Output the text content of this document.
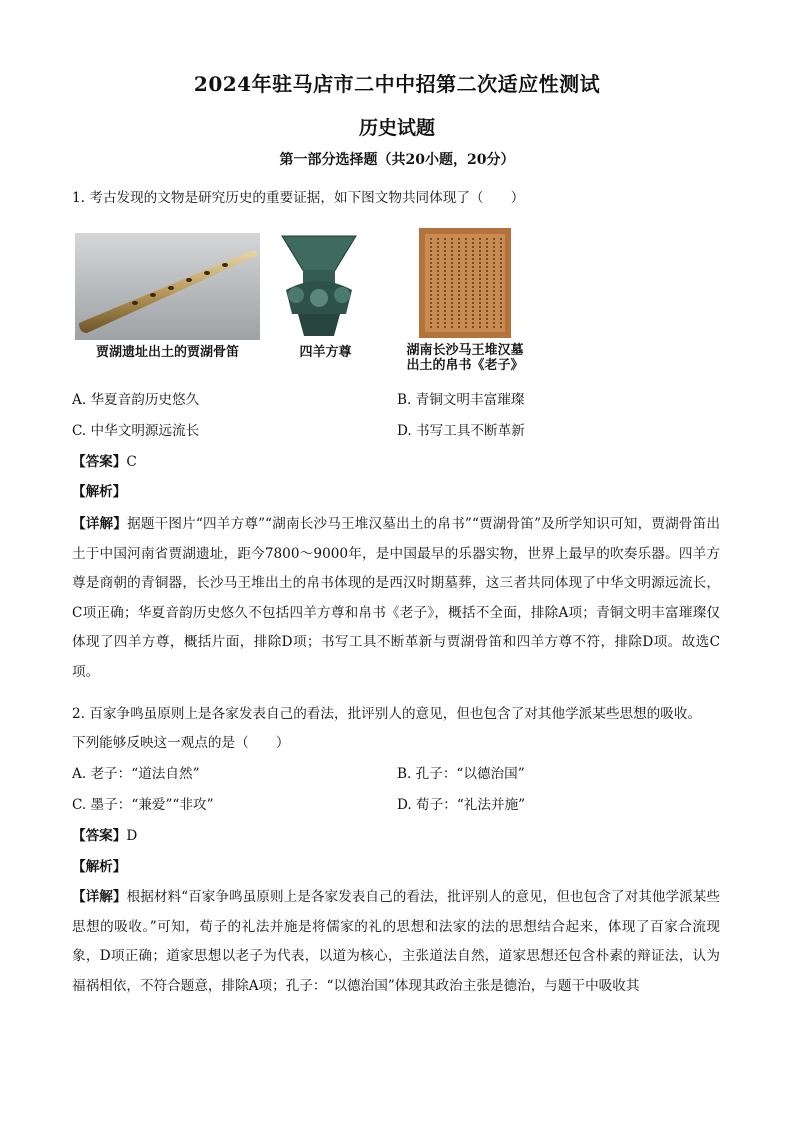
2024年驻马店市二中中招第二次适应性测试
历史试题
第一部分选择题（共20小题，20分）
1. 考古发现的文物是研究历史的重要证据，如下图文物共同体现了（　　）
贾湖遗址出土的贾湖骨笛	四羊方尊	湖南长沙马王堆汉墓
出土的帛书《老子》
A. 华夏音韵历史悠久	B. 青铜文明丰富璀璨
C. 中华文明源远流长	D. 书写工具不断革新
【答案】C
【解析】
【详解】据题干图片“四羊方尊”“湖南长沙马王堆汉墓出土的帛书”“贾湖骨笛”及所学知识可知，贾湖骨笛出土于中国河南省贾湖遗址，距今7800～9000年，是中国最早的乐器实物，世界上最早的吹奏乐器。四羊方尊是商朝的青铜器，长沙马王堆出土的帛书体现的是西汉时期墓葬，这三者共同体现了中华文明源远流长，C项正确；华夏音韵历史悠久不包括四羊方尊和帛书《老子》，概括不全面，排除A项；青铜文明丰富璀璨仅体现了四羊方尊，概括片面，排除D项；书写工具不断革新与贾湖骨笛和四羊方尊不符，排除D项。故选C项。
2. 百家争鸣虽原则上是各家发表自己的看法，批评别人的意见，但也包含了对其他学派某些思想的吸收。
下列能够反映这一观点的是（　　）
A. 老子：“道法自然”	B. 孔子：“以德治国”
C. 墨子：“兼爱”“非攻”	D. 荀子：“礼法并施”
【答案】D
【解析】
【详解】根据材料“百家争鸣虽原则上是各家发表自己的看法，批评别人的意见，但也包含了对其他学派某些思想的吸收。”可知，荀子的礼法并施是将儒家的礼的思想和法家的法的思想结合起来，体现了百家合流现象，D项正确；道家思想以老子为代表，以道为核心，主张道法自然，道家思想还包含朴素的辩证法，认为福祸相依，不符合题意，排除A项；孔子：“以德治国”体现其政治主张是德治，与题干中吸收其
